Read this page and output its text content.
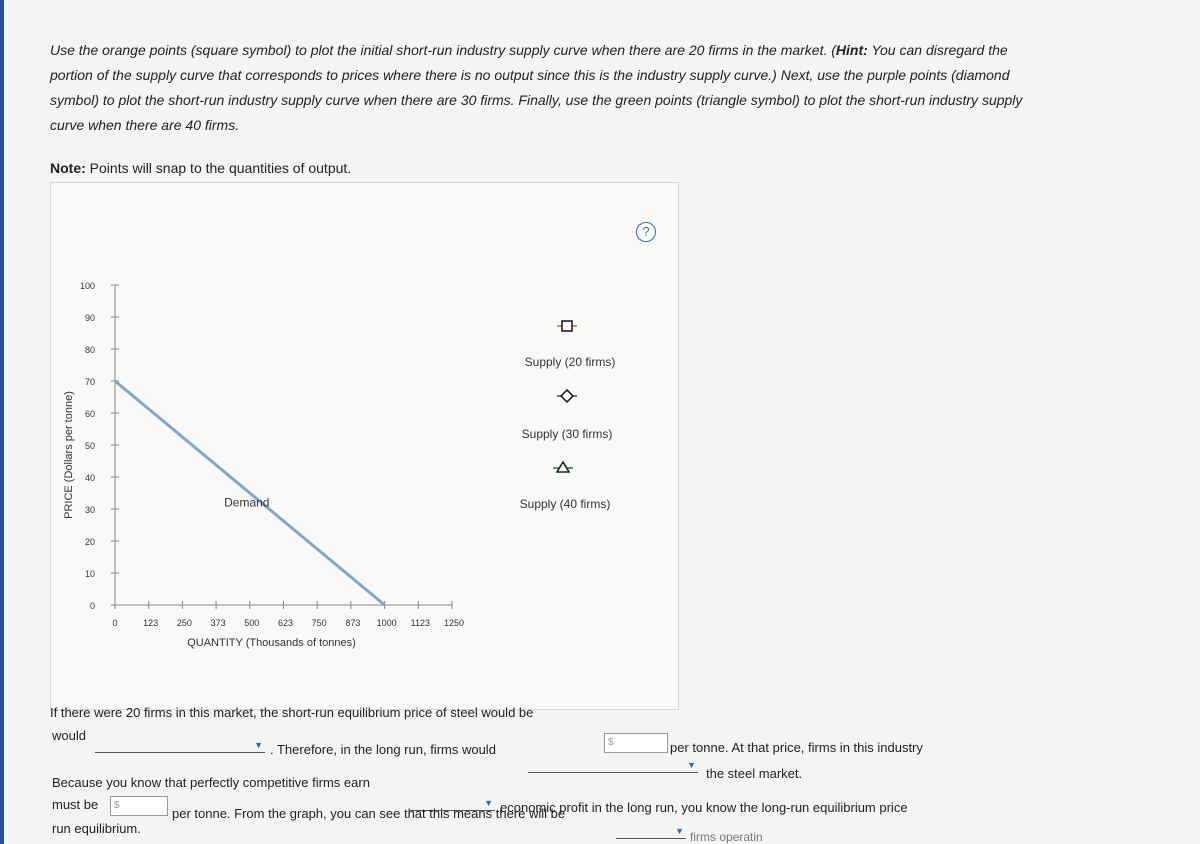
Use the orange points (square symbol) to plot the initial short-run industry supply curve when there are 20 firms in the market. (Hint: You can disregard the portion of the supply curve that corresponds to prices where there is no output since this is the industry supply curve.) Next, use the purple points (diamond symbol) to plot the short-run industry supply curve when there are 30 firms. Finally, use the green points (triangle symbol) to plot the short-run industry supply curve when there are 40 firms.
Note: Points will snap to the quantities of output.
?
0
10
20
30
40
50
60
70
80
90
100
0	123 250 373 500 623 750 873 1000 1123 1250
QUANTITY (Thousands of tonnes)
PRICE (Dollars per tonne)	Demand
Supply (20 firms)
Supply (30 firms)
Supply (40 firms)
If there were 20 firms in this market, the short-run equilibrium price of steel would be
$	per tonne. At that price, firms in this industry
would
▼ . Therefore, in the long run, firms would
▼
the steel market.
Because you know that perfectly competitive firms earn
▼ economic profit in the long run, you know the long-run equilibrium price
must be $
per tonne. From the graph, you can see that this means there will be
▼ firms operatin
run equilibrium.
